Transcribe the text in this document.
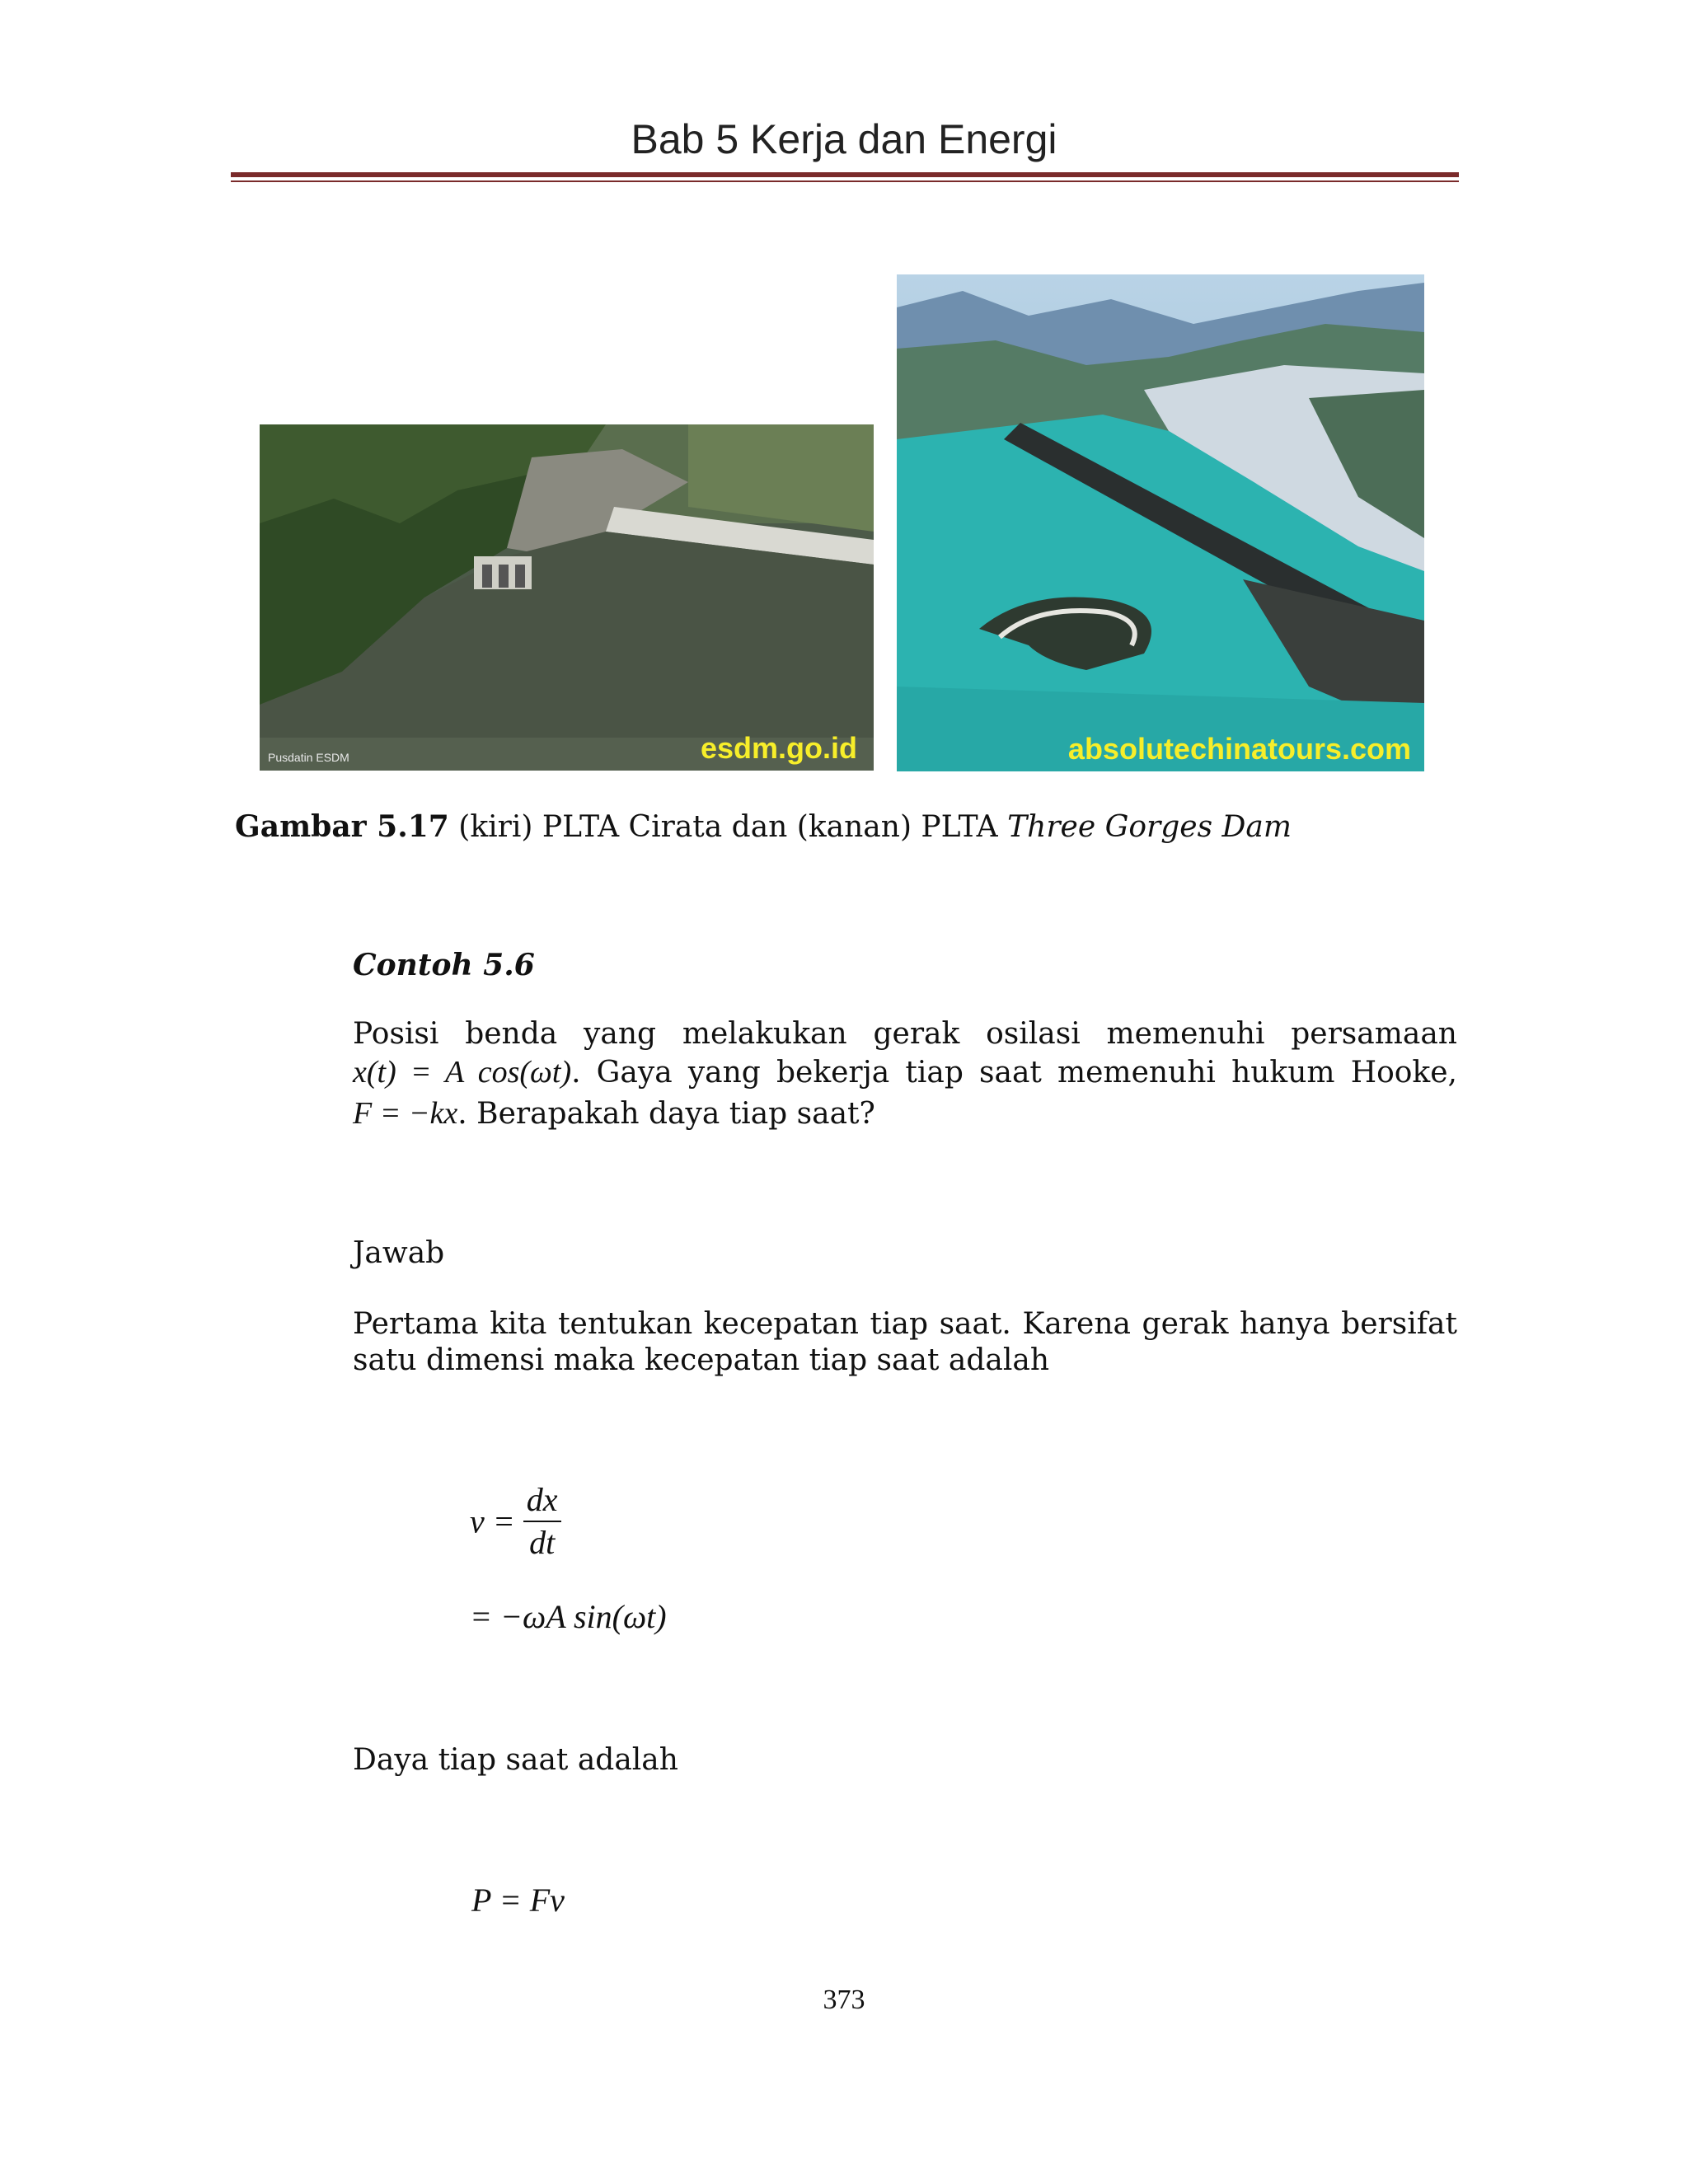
Bab 5 Kerja dan Energi
Pusdatin ESDM	esdm.go.id	absolutechinatours.com
Gambar 5.17 (kiri) PLTA Cirata dan (kanan) PLTA Three Gorges Dam
Contoh 5.6
Posisi benda yang melakukan gerak osilasi memenuhi persamaan
x(t) = A cos(ωt). Gaya yang bekerja tiap saat memenuhi hukum Hooke,
F = −kx. Berapakah daya tiap saat?
Jawab
Pertama kita tentukan kecepatan tiap saat. Karena gerak hanya bersifat
satu dimensi maka kecepatan tiap saat adalah
$v = \frac{dx}{dt}$
= −ωA sin(ωt)
Daya tiap saat adalah
P = Fv
373
